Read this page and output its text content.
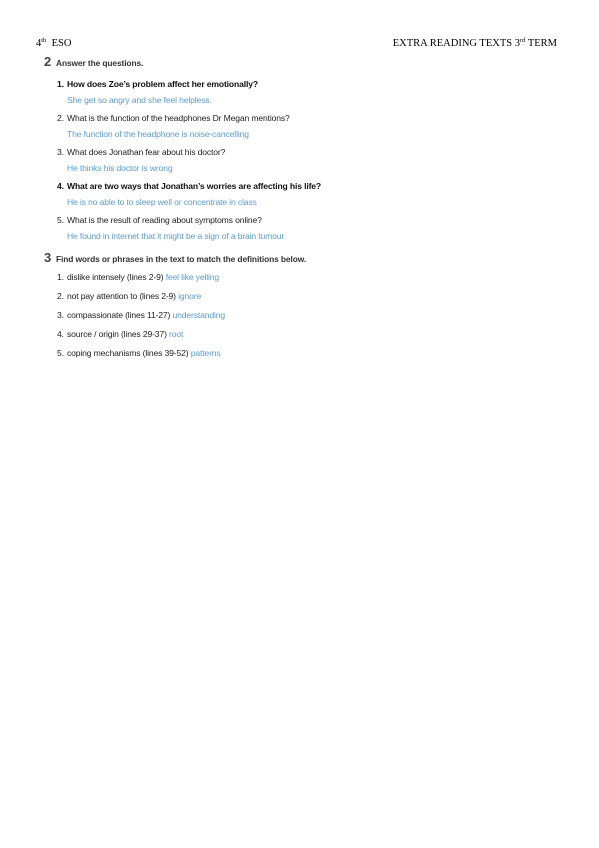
4th ESO	EXTRA READING TEXTS 3rd TERM
2 Answer the questions.
1. How does Zoe’s problem affect her emotionally?
She get so angry and she feel helpless.
2. What is the function of the headphones Dr Megan mentions?
The function of the headphone is noise-cancelling
3. What does Jonathan fear about his doctor?
He thinks his doctor is wrong
4. What are two ways that Jonathan’s worries are affecting his life?
He is no able to to sleep well or concentrate in class
5. What is the result of reading about symptoms online?
He found in internet that it might be a sign of a brain tumour
3 Find words or phrases in the text to match the definitions below.
1. dislike intensely (lines 2-9) feel like yelling
2. not pay attention to (lines 2-9) ignore
3. compassionate (lines 11-27) understanding
4. source / origin (lines 29-37) root
5. coping mechanisms (lines 39-52) patterns
